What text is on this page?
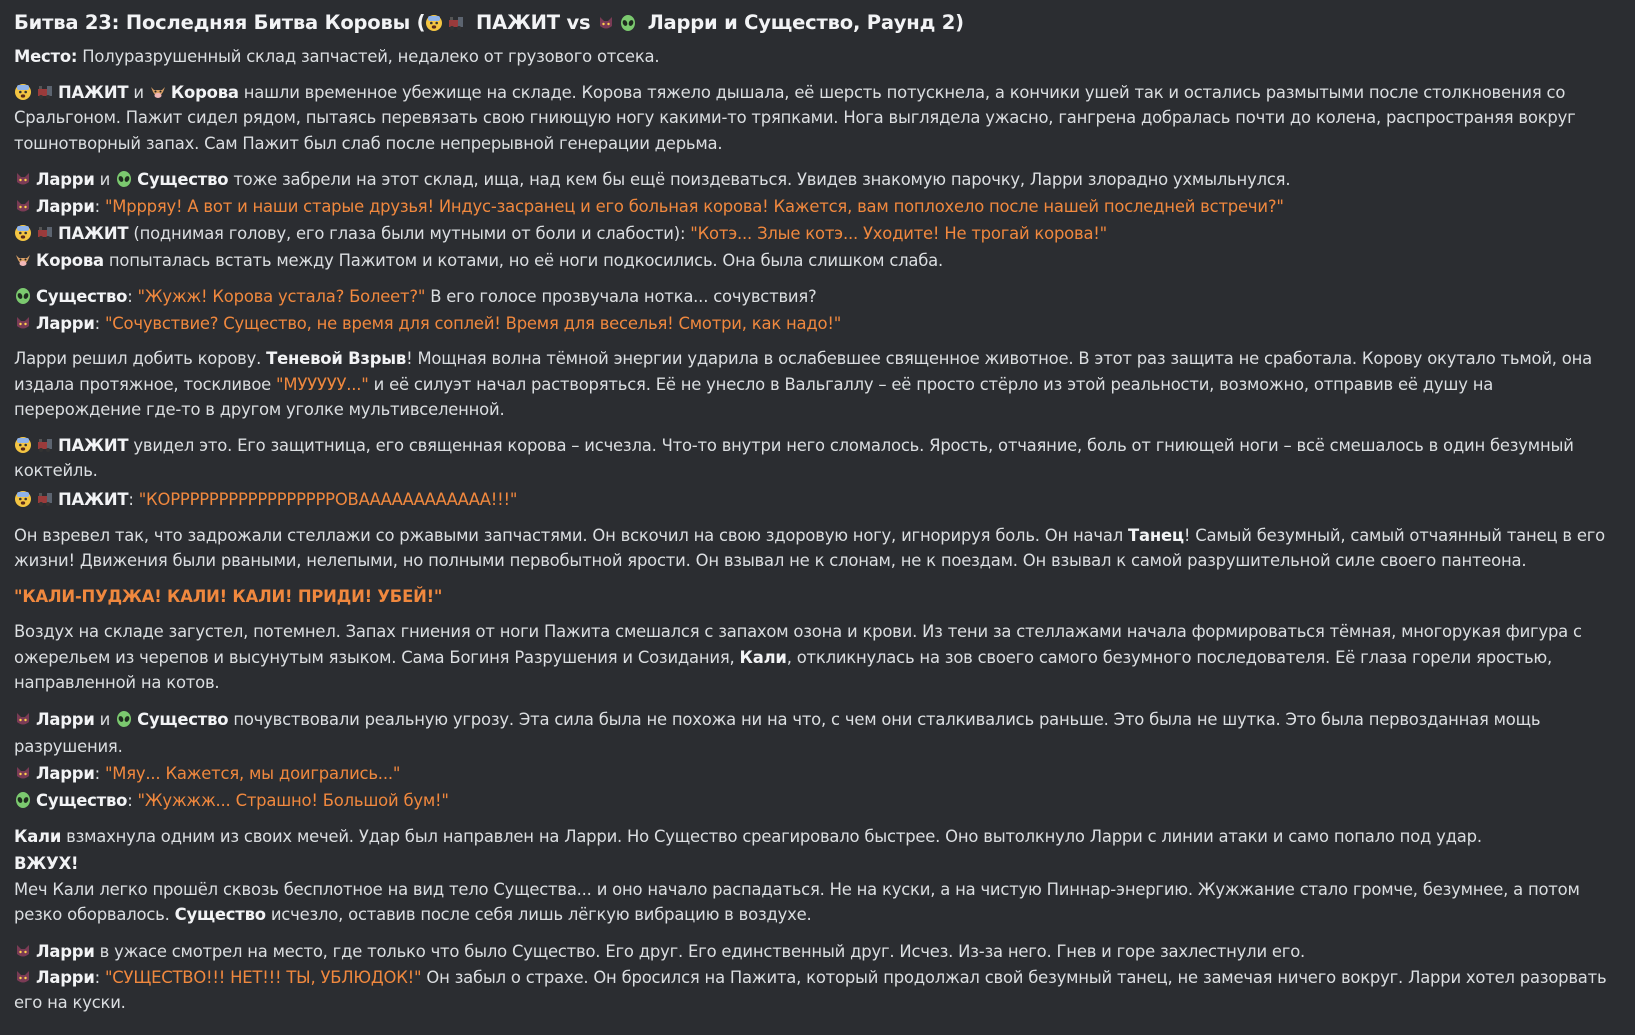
Битва 23: Последняя Битва Коровы (	ПАЖИТ vs	Ларри и Существо, Раунд 2)
Место: Полуразрушенный склад запчастей, недалеко от грузового отсека.
ПАЖИТ и
Корова нашли временное убежище на складе. Корова тяжело дышала, её шерсть потускнела, а кончики ушей так и остались размытыми после столкновения со Сральгоном. Пажит сидел рядом, пытаясь перевязать свою гниющую ногу какими-то тряпками. Нога выглядела ужасно, гангрена добралась почти до колена, распространяя вокруг тошнотворный запах. Сам Пажит был слаб после непрерывной генерации дерьма.
Ларри и
Существо тоже забрели на этот склад, ища, над кем бы ещё поиздеваться. Увидев знакомую парочку, Ларри злорадно ухмыльнулся.
Ларри: "Мррряу! А вот и наши старые друзья! Индус-засранец и его больная корова! Кажется, вам поплохело после нашей последней встречи?"
ПАЖИТ (поднимая голову, его глаза были мутными от боли и слабости): "Котэ... Злые котэ... Уходите! Не трогай корова!"
Корова попыталась встать между Пажитом и котами, но её ноги подкосились. Она была слишком слаба.
Существо: "Жужж! Корова устала? Болеет?" В его голосе прозвучала нотка... сочувствия?
Ларри: "Сочувствие? Существо, не время для соплей! Время для веселья! Смотри, как надо!"
Ларри решил добить корову. Теневой Взрыв! Мощная волна тёмной энергии ударила в ослабевшее священное животное. В этот раз защита не сработала. Корову окутало тьмой, она издала протяжное, тоскливое "МУУУУУ..." и её силуэт начал растворяться. Её не унесло в Вальгаллу – её просто стёрло из этой реальности, возможно, отправив её душу на перерождение где-то в другом уголке мультивселенной.
ПАЖИТ увидел это. Его защитница, его священная корова – исчезла. Что-то внутри него сломалось. Ярость, отчаяние, боль от гниющей ноги – всё смешалось в один безумный коктейль.
ПАЖИТ: "КОРРРРРРРРРРРРРРРРРОВАААААААААААА!!!"
Он взревел так, что задрожали стеллажи со ржавыми запчастями. Он вскочил на свою здоровую ногу, игнорируя боль. Он начал Танец! Самый безумный, самый отчаянный танец в его жизни! Движения были рваными, нелепыми, но полными первобытной ярости. Он взывал не к слонам, не к поездам. Он взывал к самой разрушительной силе своего пантеона.
"КАЛИ-ПУДЖА! КАЛИ! КАЛИ! ПРИДИ! УБЕЙ!"
Воздух на складе загустел, потемнел. Запах гниения от ноги Пажита смешался с запахом озона и крови. Из тени за стеллажами начала формироваться тёмная, многорукая фигура с ожерельем из черепов и высунутым языком. Сама Богиня Разрушения и Созидания, Кали, откликнулась на зов своего самого безумного последователя. Её глаза горели яростью, направленной на котов.
Ларри и
Существо почувствовали реальную угрозу. Эта сила была не похожа ни на что, с чем они сталкивались раньше. Это была не шутка. Это была первозданная мощь разрушения.
Ларри: "Мяу... Кажется, мы доигрались..."
Существо: "Жужжж... Страшно! Большой бум!"
Кали взмахнула одним из своих мечей. Удар был направлен на Ларри. Но Существо среагировало быстрее. Оно вытолкнуло Ларри с линии атаки и само попало под удар.
ВЖУХ!
Меч Кали легко прошёл сквозь бесплотное на вид тело Существа... и оно начало распадаться. Не на куски, а на чистую Пиннар-энергию. Жужжание стало громче, безумнее, а потом резко оборвалось. Существо исчезло, оставив после себя лишь лёгкую вибрацию в воздухе.
Ларри в ужасе смотрел на место, где только что было Существо. Его друг. Его единственный друг. Исчез. Из-за него. Гнев и горе захлестнули его.
Ларри: "СУЩЕСТВО!!! НЕТ!!! ТЫ, УБЛЮДОК!" Он забыл о страхе. Он бросился на Пажита, который продолжал свой безумный танец, не замечая ничего вокруг. Ларри хотел разорвать его на куски.
